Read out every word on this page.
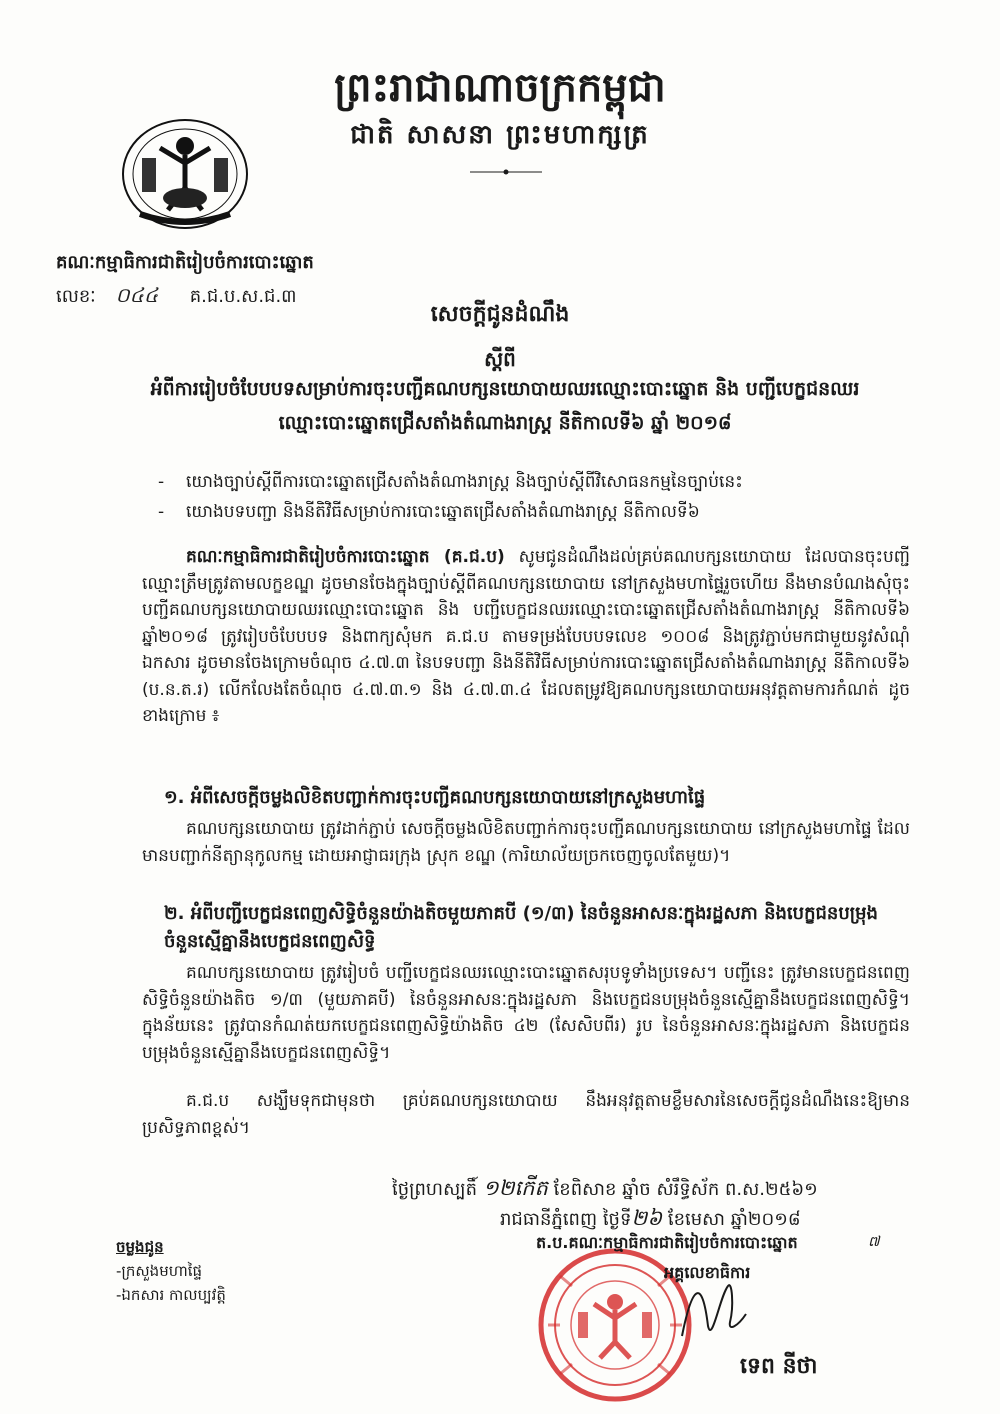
ព្រះរាជាណាចក្រកម្ពុជា
ជាតិ សាសនា ព្រះមហាក្សត្រ
គណៈកម្មាធិការជាតិរៀបចំការបោះឆ្នោត
លេខៈ ០៤៤ គ.ជ.ប.ស.ជ.៣
សេចក្ដីជូនដំណឹង
ស្ដីពី
អំពីការរៀបចំបែបបទសម្រាប់ការចុះបញ្ជីគណបក្សនយោបាយឈរឈ្មោះបោះឆ្នោត និង បញ្ជីបេក្ខជនឈរឈ្មោះបោះឆ្នោតជ្រើសតាំងតំណាងរាស្ត្រ នីតិកាលទី៦ ឆ្នាំ ២០១៨
- យោងច្បាប់ស្ដីពីការបោះឆ្នោតជ្រើសតាំងតំណាងរាស្ត្រ និងច្បាប់ស្ដីពីវិសោធនកម្មនៃច្បាប់នេះ
- យោងបទបញ្ជា និងនីតិវិធីសម្រាប់ការបោះឆ្នោតជ្រើសតាំងតំណាងរាស្ត្រ នីតិកាលទី៦
គណៈកម្មាធិការជាតិរៀបចំការបោះឆ្នោត (គ.ជ.ប) សូមជូនដំណឹងដល់គ្រប់គណបក្សនយោបាយ ដែលបានចុះបញ្ជីឈ្មោះត្រឹមត្រូវតាមលក្ខខណ្ឌ ដូចមានចែងក្នុងច្បាប់ស្ដីពីគណបក្សនយោបាយ នៅក្រសួងមហាផ្ទៃរួចហើយ នឹងមានបំណងសុំចុះបញ្ជីគណបក្សនយោបាយឈរឈ្មោះបោះឆ្នោត និង បញ្ជីបេក្ខជនឈរឈ្មោះបោះឆ្នោតជ្រើសតាំងតំណាងរាស្ត្រ នីតិកាលទី៦ ឆ្នាំ២០១៨ ត្រូវរៀបចំបែបបទ និងពាក្យសុំមក គ.ជ.ប តាមទម្រង់បែបបទលេខ ១០០៨ និងត្រូវភ្ជាប់មកជាមួយនូវសំណុំឯកសារ ដូចមានចែងក្រោមចំណុច ៤.៧.៣ នៃបទបញ្ជា និងនីតិវិធីសម្រាប់ការបោះឆ្នោតជ្រើសតាំងតំណាងរាស្ត្រ នីតិកាលទី៦ (ប.ន.ត.រ) លើកលែងតែចំណុច ៤.៧.៣.១ និង ៤.៧.៣.៤ ដែលតម្រូវឱ្យគណបក្សនយោបាយអនុវត្តតាមការកំណត់ ដូចខាងក្រោម ៖
១. អំពីសេចក្ដីចម្លងលិខិតបញ្ជាក់ការចុះបញ្ជីគណបក្សនយោបាយនៅក្រសួងមហាផ្ទៃ
គណបក្សនយោបាយ ត្រូវដាក់ភ្ជាប់ សេចក្ដីចម្លងលិខិតបញ្ជាក់ការចុះបញ្ជីគណបក្សនយោបាយ នៅក្រសួងមហាផ្ទៃ ដែលមានបញ្ជាក់នីត្យានុកូលកម្ម ដោយអាជ្ញាធរក្រុង ស្រុក ខណ្ឌ (ការិយាល័យច្រកចេញចូលតែមួយ)។
២. អំពីបញ្ជីបេក្ខជនពេញសិទ្ធិចំនួនយ៉ាងតិចមួយភាគបី (១/៣) នៃចំនួនអាសនៈក្នុងរដ្ឋសភា និងបេក្ខជនបម្រុងចំនួនស្មើគ្នានឹងបេក្ខជនពេញសិទ្ធិ
គណបក្សនយោបាយ ត្រូវរៀបចំ បញ្ជីបេក្ខជនឈរឈ្មោះបោះឆ្នោតសរុបទូទាំងប្រទេស។ បញ្ជីនេះ ត្រូវមានបេក្ខជនពេញសិទ្ធិចំនួនយ៉ាងតិច ១/៣ (មួយភាគបី) នៃចំនួនអាសនៈក្នុងរដ្ឋសភា និងបេក្ខជនបម្រុងចំនួនស្មើគ្នានឹងបេក្ខជនពេញសិទ្ធិ។ ក្នុងន័យនេះ ត្រូវបានកំណត់យកបេក្ខជនពេញសិទ្ធិយ៉ាងតិច ៤២ (សែសិបពីរ) រូប នៃចំនួនអាសនៈក្នុងរដ្ឋសភា និងបេក្ខជនបម្រុងចំនួនស្មើគ្នានឹងបេក្ខជនពេញសិទ្ធិ។
គ.ជ.ប សង្ឃឹមទុកជាមុនថា គ្រប់គណបក្សនយោបាយ នឹងអនុវត្តតាមខ្លឹមសារនៃសេចក្ដីជូនដំណឹងនេះឱ្យមានប្រសិទ្ធភាពខ្ពស់។
ថ្ងៃព្រហស្បតិ៍ ១២កើត ខែពិសាខ ឆ្នាំច សំរឹទ្ធិស័ក ព.ស.២៥៦១
រាជធានីភ្នំពេញ ថ្ងៃទី២៦ ខែមេសា ឆ្នាំ២០១៨
ចម្លងជូន
-ក្រសួងមហាផ្ទៃ
-ឯកសារ កាលប្បវត្តិ
ត.ប.គណៈកម្មាធិការជាតិរៀបចំការបោះឆ្នោត	៧
អគ្គលេខាធិការ
ទេព នីថា
